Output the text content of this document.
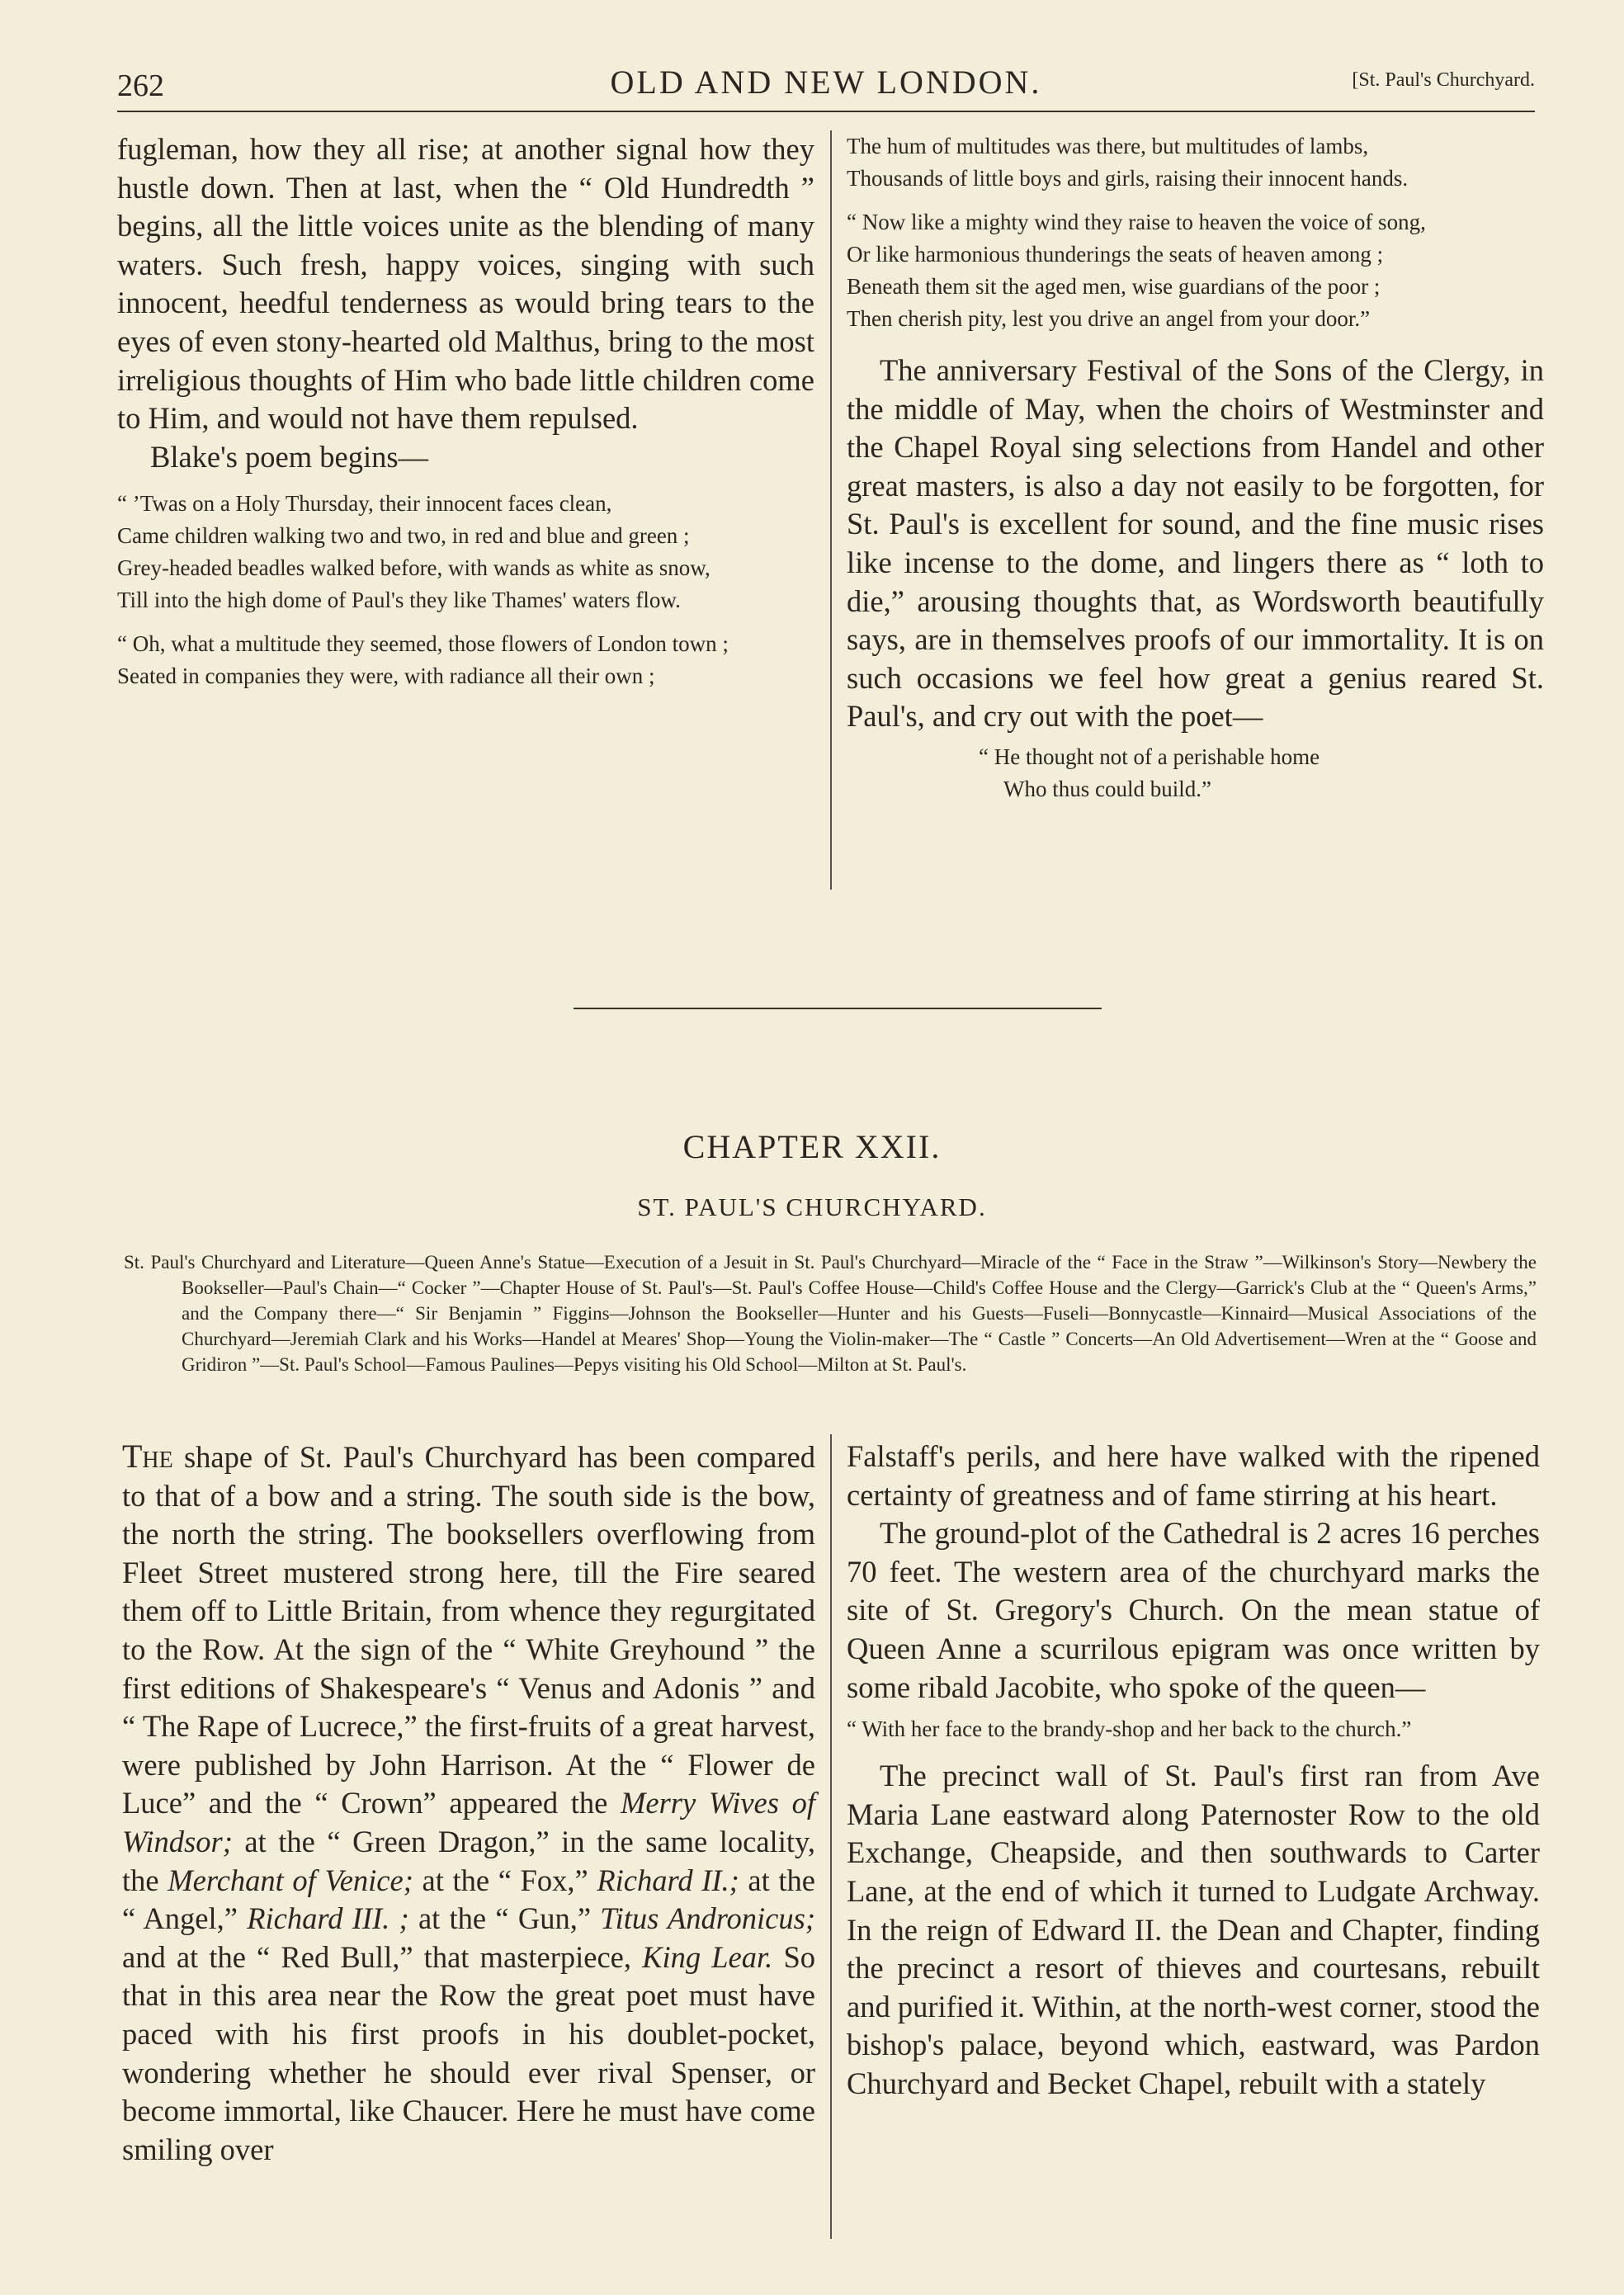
262	OLD AND NEW LONDON.	[St. Paul's Churchyard.

fugleman, how they all rise; at another signal how they hustle down. Then at last, when the “ Old Hundredth ” begins, all the little voices unite as the blending of many waters. Such fresh, happy voices, singing with such innocent, heedful tenderness as would bring tears to the eyes of even stony-hearted old Malthus, bring to the most irreligious thoughts of Him who bade little children come to Him, and would not have them repulsed.

Blake's poem begins—

“ ’Twas on a Holy Thursday, their innocent faces clean,
Came children walking two and two, in red and blue and green ;
Grey-headed beadles walked before, with wands as white as snow,
Till into the high dome of Paul's they like Thames' waters flow.
“ Oh, what a multitude they seemed, those flowers of London town ;
Seated in companies they were, with radiance all their own ;
The hum of multitudes was there, but multitudes of lambs,
Thousands of little boys and girls, raising their innocent hands.
“ Now like a mighty wind they raise to heaven the voice of song,
Or like harmonious thunderings the seats of heaven among ;
Beneath them sit the aged men, wise guardians of the poor ;
Then cherish pity, lest you drive an angel from your door.”

The anniversary Festival of the Sons of the Clergy, in the middle of May, when the choirs of Westminster and the Chapel Royal sing selections from Handel and other great masters, is also a day not easily to be forgotten, for St. Paul's is excellent for sound, and the fine music rises like incense to the dome, and lingers there as “ loth to die,” arousing thoughts that, as Wordsworth beautifully says, are in themselves proofs of our immortality. It is on such occasions we feel how great a genius reared St. Paul's, and cry out with the poet—

“ He thought not of a perishable home
Who thus could build.”
CHAPTER XXII.
ST. PAUL'S CHURCHYARD.
St. Paul's Churchyard and Literature—Queen Anne's Statue—Execution of a Jesuit in St. Paul's Churchyard—Miracle of the “ Face in the Straw ”—Wilkinson's Story—Newbery the Bookseller—Paul's Chain—“ Cocker ”—Chapter House of St. Paul's—St. Paul's Coffee House—Child's Coffee House and the Clergy—Garrick's Club at the “ Queen's Arms,” and the Company there—“ Sir Benjamin ” Figgins—Johnson the Bookseller—Hunter and his Guests—Fuseli—Bonnycastle—Kinnaird—Musical Associations of the Churchyard—Jeremiah Clark and his Works—Handel at Meares' Shop—Young the Violin-maker—The “ Castle ” Concerts—An Old Advertisement—Wren at the “ Goose and Gridiron ”—St. Paul's School—Famous Paulines—Pepys visiting his Old School—Milton at St. Paul's.

The shape of St. Paul's Churchyard has been compared to that of a bow and a string. The south side is the bow, the north the string. The booksellers overflowing from Fleet Street mustered strong here, till the Fire seared them off to Little Britain, from whence they regurgitated to the Row. At the sign of the “ White Greyhound ” the first editions of Shakespeare's “ Venus and Adonis ” and “ The Rape of Lucrece,” the first-fruits of a great harvest, were published by John Harrison. At the “ Flower de Luce” and the “ Crown” appeared the Merry Wives of Windsor; at the “ Green Dragon,” in the same locality, the Merchant of Venice; at the “ Fox,” Richard II.; at the “ Angel,” Richard III. ; at the “ Gun,” Titus Andronicus; and at the “ Red Bull,” that masterpiece, King Lear. So that in this area near the Row the great poet must have paced with his first proofs in his doublet-pocket, wondering whether he should ever rival Spenser, or become immortal, like Chaucer. Here he must have come smiling over

Falstaff's perils, and here have walked with the ripened certainty of greatness and of fame stirring at his heart.

The ground-plot of the Cathedral is 2 acres 16 perches 70 feet. The western area of the churchyard marks the site of St. Gregory's Church. On the mean statue of Queen Anne a scurrilous epigram was once written by some ribald Jacobite, who spoke of the queen—

“ With her face to the brandy-shop and her back to the church.”

The precinct wall of St. Paul's first ran from Ave Maria Lane eastward along Paternoster Row to the old Exchange, Cheapside, and then southwards to Carter Lane, at the end of which it turned to Ludgate Archway. In the reign of Edward II. the Dean and Chapter, finding the precinct a resort of thieves and courtesans, rebuilt and purified it. Within, at the north-west corner, stood the bishop's palace, beyond which, eastward, was Pardon Churchyard and Becket Chapel, rebuilt with a stately
